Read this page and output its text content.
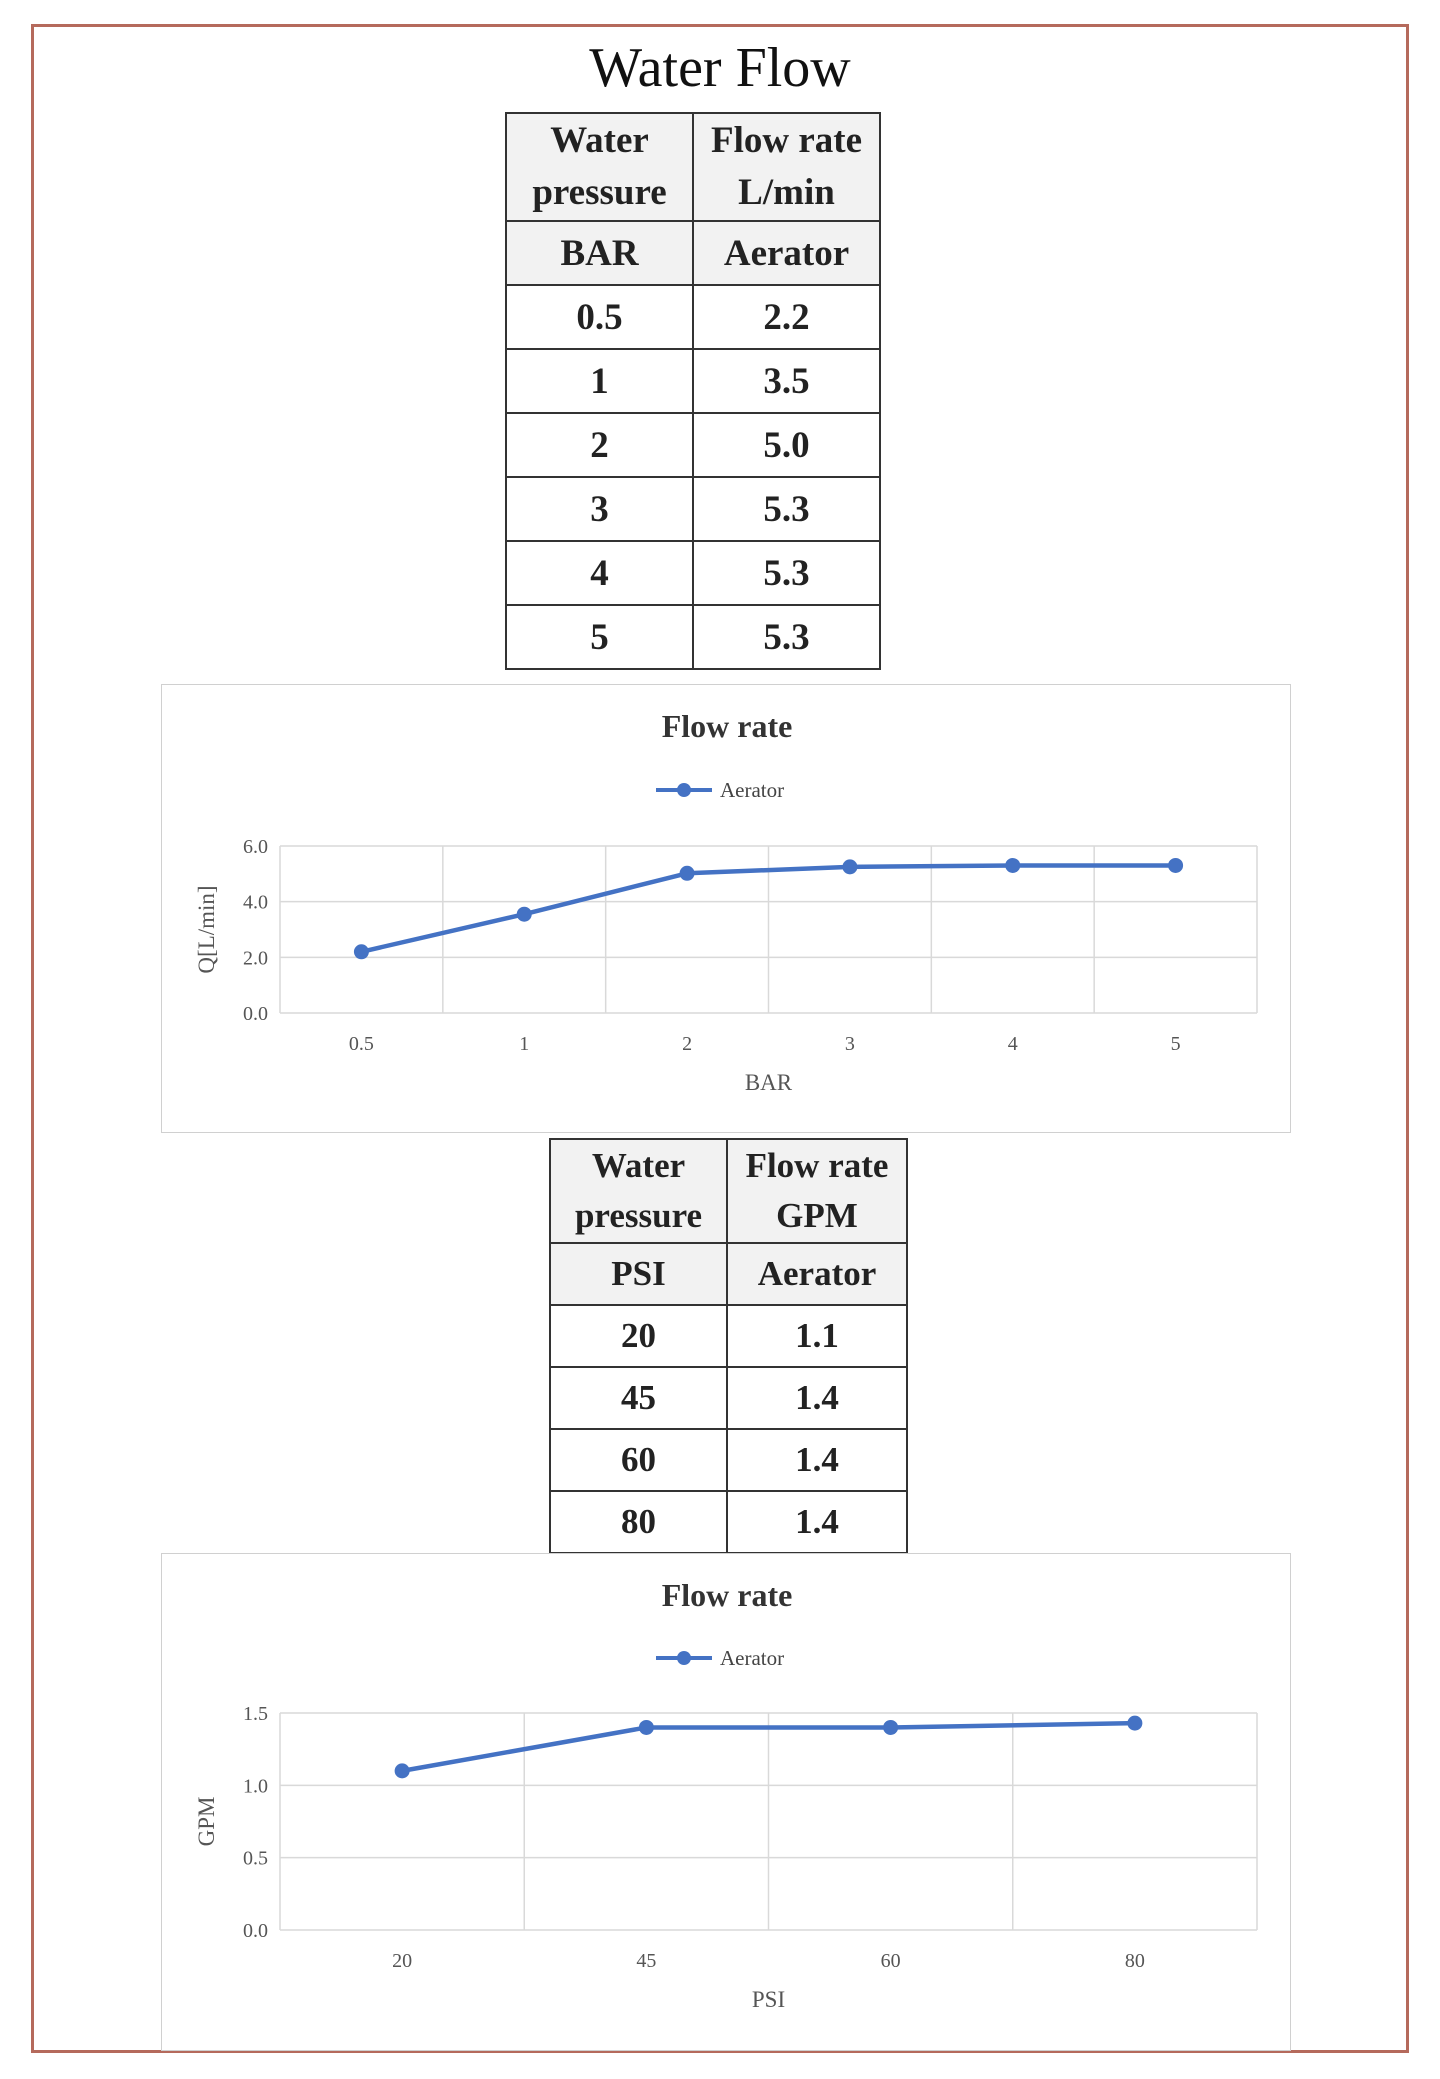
Water Flow
Water
pressure	Flow rate
L/min
BAR	Aerator
0.5	2.2
1	3.5
2	5.0
3	5.3
4	5.3
5	5.3
Flow rate
Aerator
0.0
2.0
4.0
6.0
0.5	1	2	3	4	5
BAR
Q[L/min]
Water
pressure	Flow rate
GPM
PSI	Aerator
20	1.1
45	1.4
60	1.4
80	1.4
Flow rate
Aerator
0.0
0.5
1.0
1.5
20	45	60	80
PSI
GPM
